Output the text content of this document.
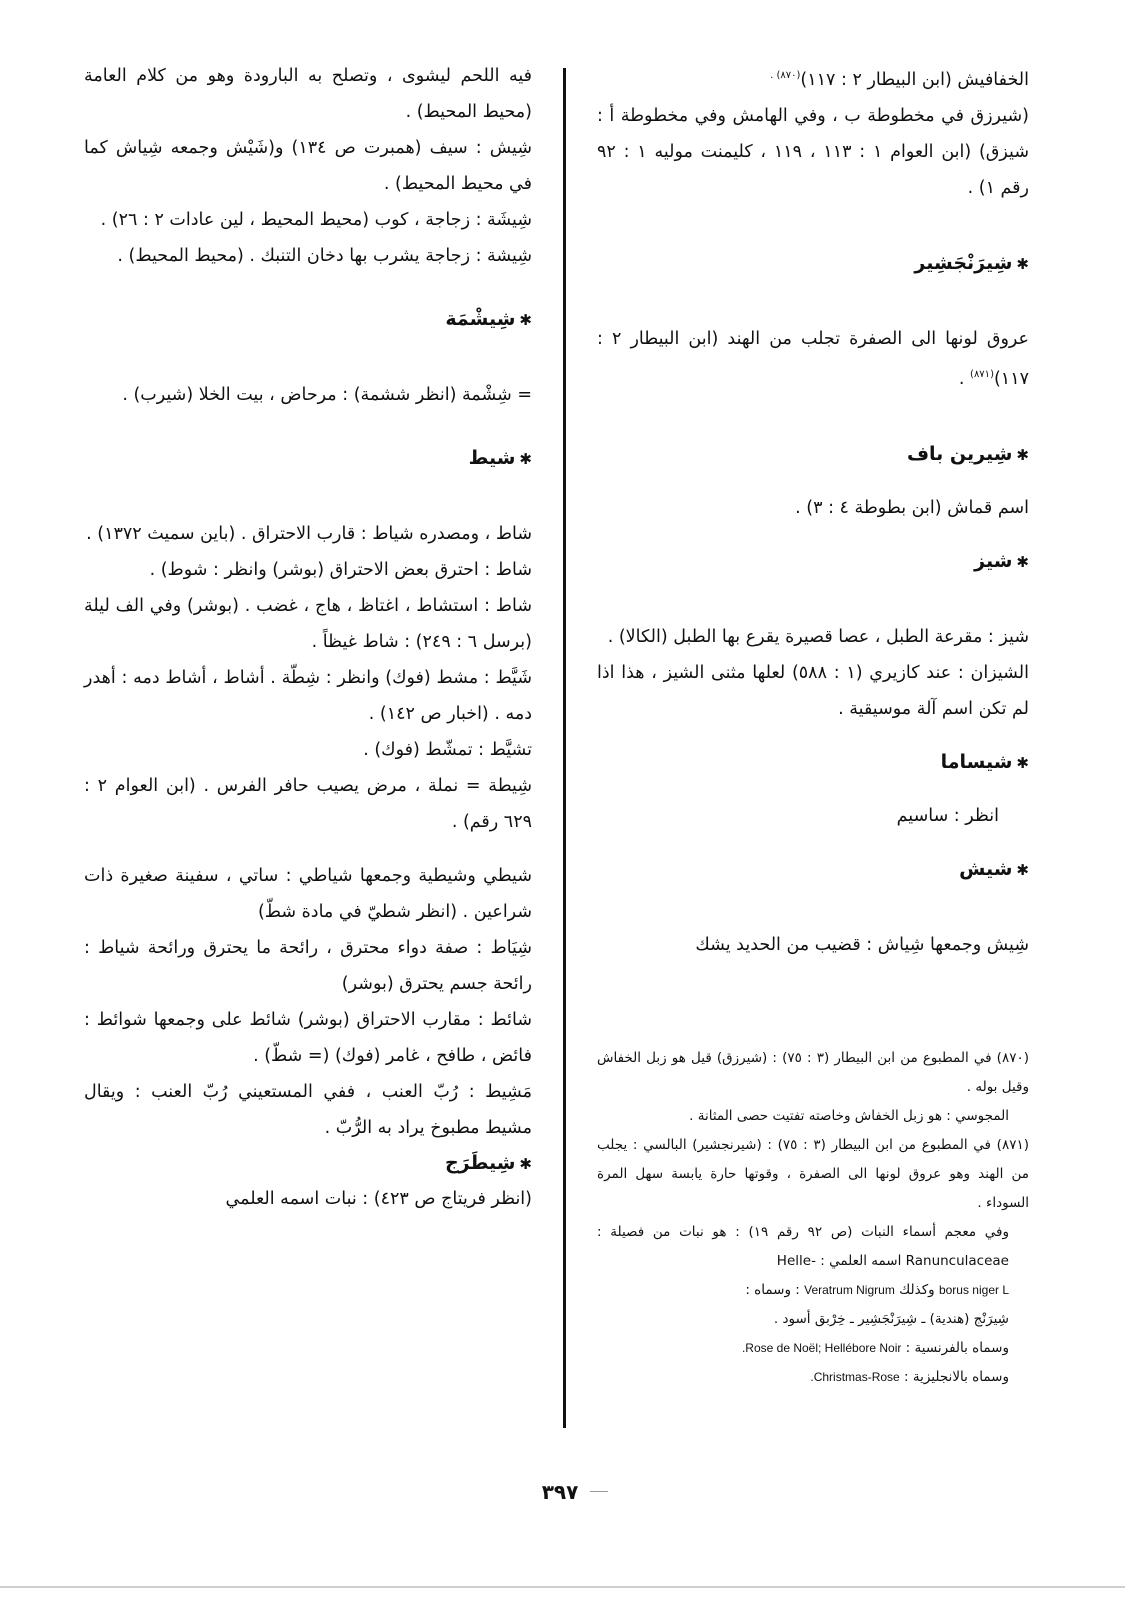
الخفافيش (ابن البيطار ٢ : ١١٧)$^{(٨٧٠) .}$

(شيرزق في مخطوطة ب ، وفي الهامش وفي مخطوطة أ : شيزق) (ابن العوام ١ : ١١٣ ، ١١٩ ، كليمنت موليه ١ : ٩٢ رقم ١) .

✱شِيرَنْجَشِير

عروق لونها الى الصفرة تجلب من الهند (ابن البيطار ٢ : ١١٧)$^{(٨٧١)}$ .

✱شِيرين باف

اسم قماش (ابن بطوطة ٤ : ٣) .

✱شيز

شيز : مقرعة الطبل ، عصا قصيرة يقرع بها الطبل (الكالا) .

الشيزان : عند كازيري (١ : ٥٨٨) لعلها مثنى الشيز ، هذا اذا لم تكن اسم آلة موسيقية .

✱شيساما

انظر : ساسيم

✱شيش

شِيش وجمعها شِياش : قضيب من الحديد يشك

فيه اللحم ليشوى ، وتصلح به البارودة وهو من كلام العامة (محيط المحيط) .

شِيش : سيف (همبرت ص ١٣٤) و(شَيْش وجمعه شِياش كما في محيط المحيط) .

شِيشَة : زجاجة ، كوب (محيط المحيط ، لين عادات ٢ : ٢٦) .

شِيشة : زجاجة يشرب بها دخان التنبك . (محيط المحيط) .

✱شِيشْمَة

= شِشْمة (انظر ششمة) : مرحاض ، بيت الخلا (شيرب) .

✱شيط

شاط ، ومصدره شياط : قارب الاحتراق . (باين سميث ١٣٧٢) .

شاط : احترق بعض الاحتراق (بوشر) وانظر : شوط) .

شاط : استشاط ، اغتاظ ، هاج ، غضب . (بوشر) وفي الف ليلة (برسل ٦ : ٢٤٩) : شاط غيظاً .

شَيَّط : مشط (فوك) وانظر : شِطّة . أشاط ، أشاط دمه : أهدر دمه . (اخبار ص ١٤٢) .

تشيَّط : تمشّط (فوك) .

شِيطة = نملة ، مرض يصيب حافر الفرس . (ابن العوام ٢ : ٦٢٩ رقم) .

شيطي وشيطية وجمعها شياطي : ساتي ، سفينة صغيرة ذات شراعين . (انظر شطيّ في مادة شطّ)

شِيَاط : صفة دواء محترق ، رائحة ما يحترق ورائحة شياط : رائحة جسم يحترق (بوشر)

شائط : مقارب الاحتراق (بوشر) شائط على وجمعها شوائط : فائض ، طافح ، غامر (فوك) (= شطّ) .

مَشِيط : رُبّ العنب ، ففي المستعيني رُبّ العنب : ويقال مشيط مطبوخ يراد به الرُّبّ .

✱شِيطَرَج

(انظر فريتاج ص ٤٢٣) : نبات اسمه العلمي

(٨٧٠) في المطبوع من ابن البيطار (٣ : ٧٥) : (شيرزق) قيل هو زبل الخفاش وقيل بوله .

المجوسي : هو زبل الخفاش وخاصته تفتيت حصى المثانة .

(٨٧١) في المطبوع من ابن البيطار (٣ : ٧٥) : (شيرنجشير) البالسي : يجلب من الهند وهو عروق لونها الى الصفرة ، وقوتها حارة يابسة سهل المرة السوداء .

وفي معجم أسماء النبات (ص ٩٢ رقم ١٩) : هو نبات من فصيلة : Ranunculaceae اسمه العلمي : -Helle

borus niger L وكذلك Veratrum Nigrum : وسماه :

شِيرَنْج (هندية) ـ شِيرَنْجَشِير ـ خِرْبق أسود .

وسماه بالفرنسية : Rose de Noël; Hellébore Noir.

وسماه بالانجليزية : Christmas-Rose.

٣٩٧
